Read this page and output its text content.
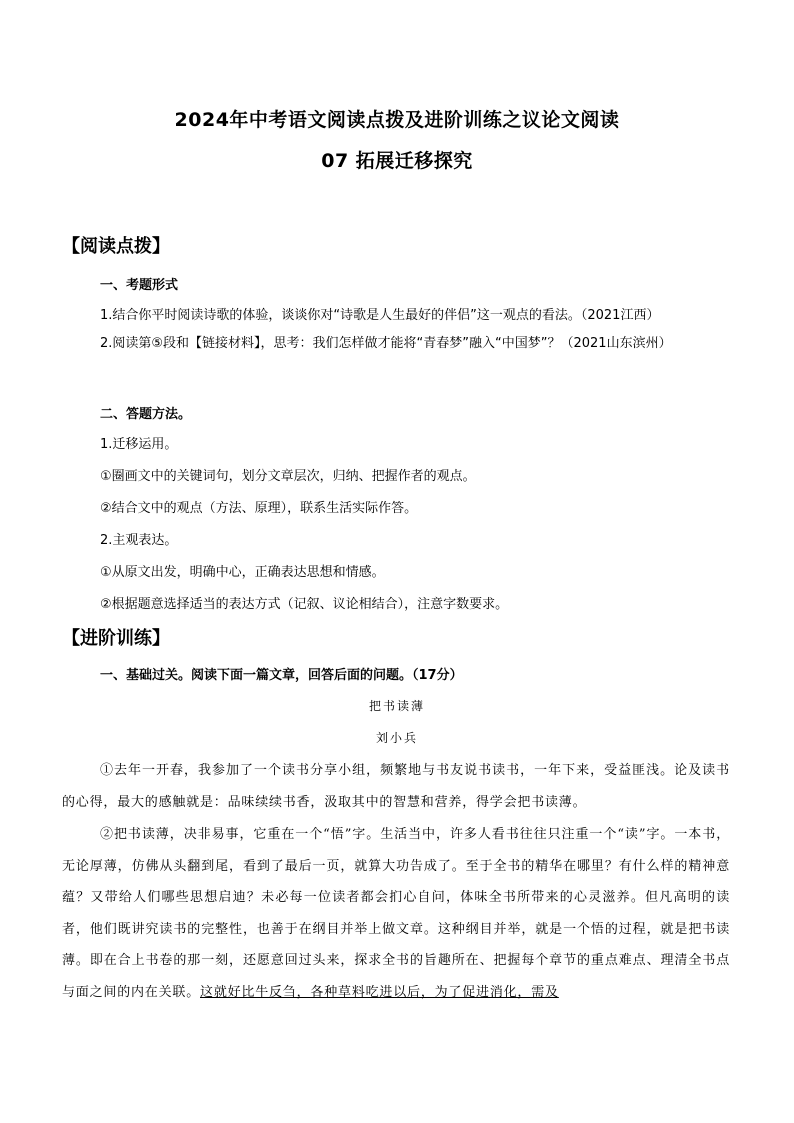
2024年中考语文阅读点拨及进阶训练之议论文阅读
07 拓展迁移探究
【阅读点拨】
一、考题形式
1.结合你平时阅读诗歌的体验，谈谈你对“诗歌是人生最好的伴侣”这一观点的看法。（2021江西）
2.阅读第⑤段和【链接材料】，思考：我们怎样做才能将“青春梦”融入“中国梦”？（2021山东滨州）
二、答题方法。
1.迁移运用。
①圈画文中的关键词句，划分文章层次，归纳、把握作者的观点。
②结合文中的观点（方法、原理），联系生活实际作答。
2.主观表达。
①从原文出发，明确中心，正确表达思想和情感。
②根据题意选择适当的表达方式（记叙、议论相结合），注意字数要求。
【进阶训练】
一、基础过关。阅读下面一篇文章，回答后面的问题。（17分）
把书读薄
刘小兵
①去年一开春，我参加了一个读书分享小组，频繁地与书友说书读书，一年下来，受益匪浅。论及读书的心得，最大的感触就是：品味续续书香，汲取其中的智慧和营养，得学会把书读薄。
②把书读薄，决非易事，它重在一个“悟”字。生活当中，许多人看书往往只注重一个“读”字。一本书，无论厚薄，仿佛从头翻到尾，看到了最后一页，就算大功告成了。至于全书的精华在哪里？有什么样的精神意蕴？又带给人们哪些思想启迪？未必每一位读者都会扪心自问，体味全书所带来的心灵滋养。但凡高明的读者，他们既讲究读书的完整性，也善于在纲目并举上做文章。这种纲目并举，就是一个悟的过程，就是把书读薄。即在合上书卷的那一刻，还愿意回过头来，探求全书的旨趣所在、把握每个章节的重点难点、理清全书点与面之间的内在关联。这就好比牛反刍，各种草料吃进以后，为了促进消化，需及
